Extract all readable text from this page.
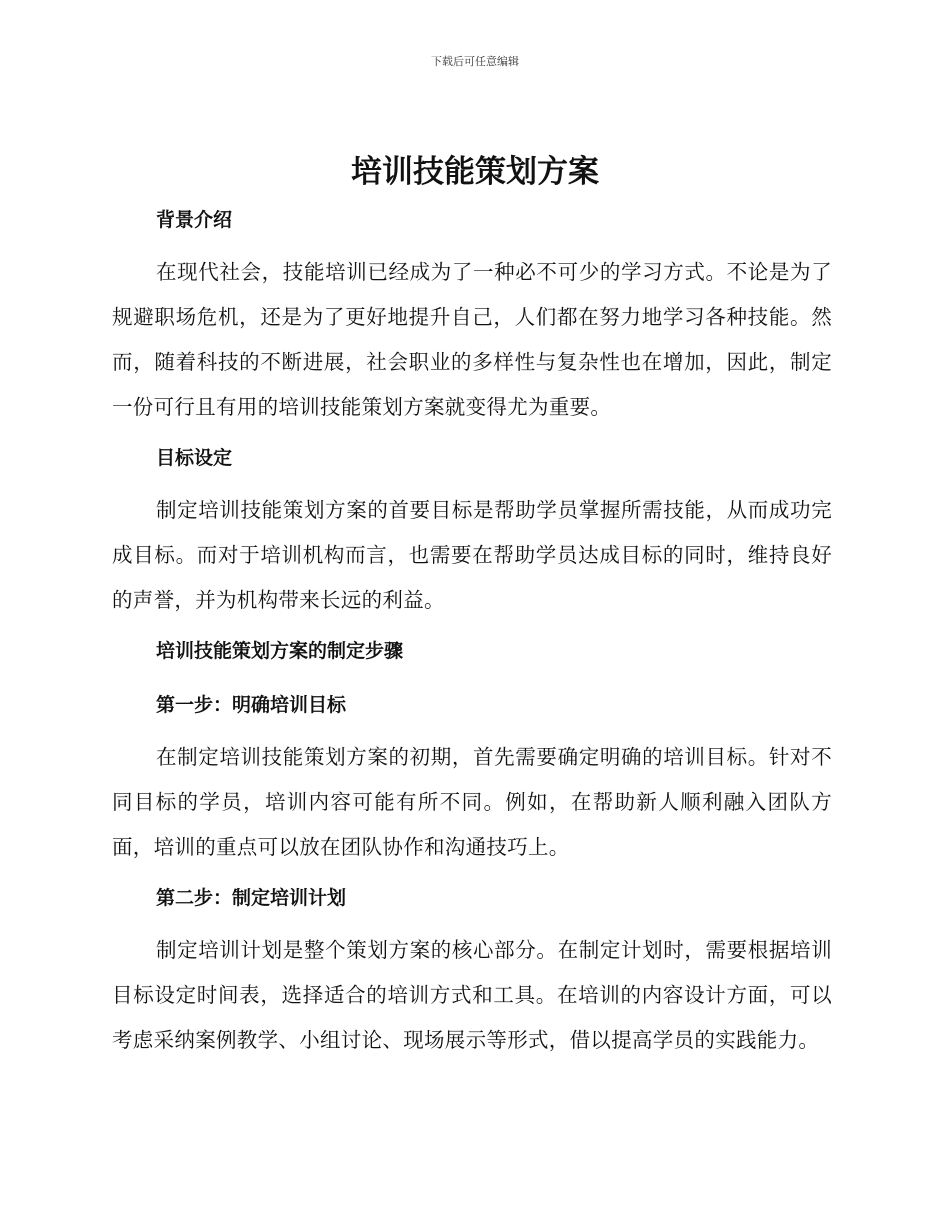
下载后可任意编辑
培训技能策划方案
背景介绍

在现代社会，技能培训已经成为了一种必不可少的学习方式。不论是为了规避职场危机，还是为了更好地提升自己，人们都在努力地学习各种技能。然而，随着科技的不断进展，社会职业的多样性与复杂性也在增加，因此，制定一份可行且有用的培训技能策划方案就变得尤为重要。

目标设定

制定培训技能策划方案的首要目标是帮助学员掌握所需技能，从而成功完成目标。而对于培训机构而言，也需要在帮助学员达成目标的同时，维持良好的声誉，并为机构带来长远的利益。

培训技能策划方案的制定步骤
第一步：明确培训目标

在制定培训技能策划方案的初期，首先需要确定明确的培训目标。针对不同目标的学员，培训内容可能有所不同。例如，在帮助新人顺利融入团队方面，培训的重点可以放在团队协作和沟通技巧上。

第二步：制定培训计划

制定培训计划是整个策划方案的核心部分。在制定计划时，需要根据培训目标设定时间表，选择适合的培训方式和工具。在培训的内容设计方面，可以考虑采纳案例教学、小组讨论、现场展示等形式，借以提高学员的实践能力。
